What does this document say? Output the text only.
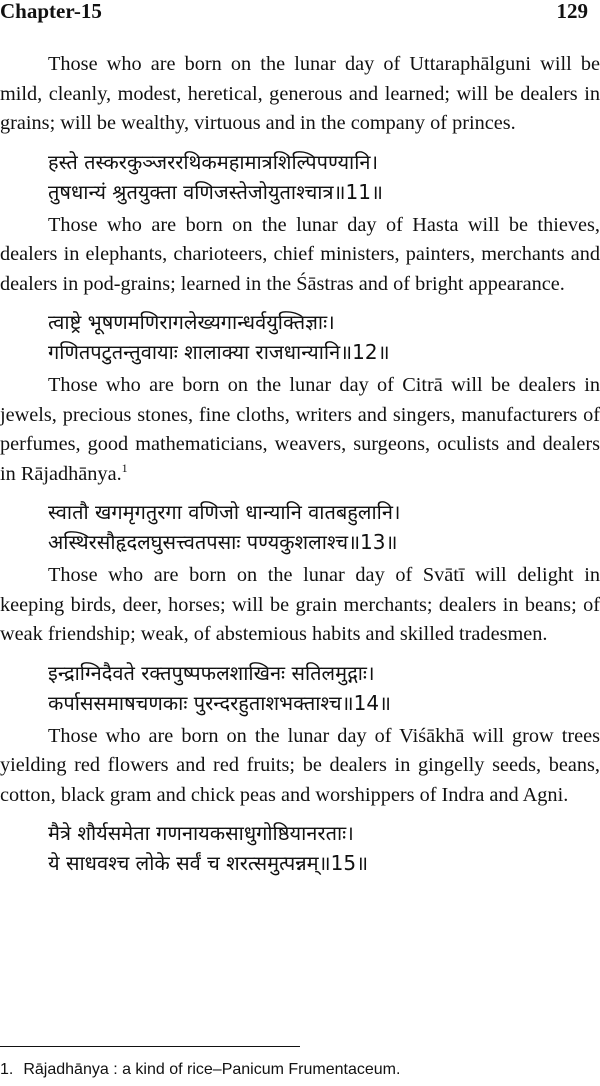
Chapter-15	129

Those who are born on the lunar day of Uttaraphālguni will be mild, cleanly, modest, heretical, generous and learned; will be dealers in grains; will be wealthy, virtuous and in the company of princes.

हस्ते तस्करकुञ्जररथिकमहामात्रशिल्पिपण्यानि।
तुषधान्यं श्रुतयुक्ता वणिजस्तेजोयुताश्चात्र॥11॥

Those who are born on the lunar day of Hasta will be thieves, dealers in elephants, charioteers, chief ministers, painters, merchants and dealers in pod-grains; learned in the Śāstras and of bright appearance.

त्वाष्ट्रे भूषणमणिरागलेख्यगान्धर्वयुक्तिज्ञाः।
गणितपटुतन्तुवायाः शालाक्या राजधान्यानि॥12॥

Those who are born on the lunar day of Citrā will be dealers in jewels, precious stones, fine cloths, writers and singers, manufacturers of perfumes, good mathematicians, weavers, surgeons, oculists and dealers in Rājadhānya.$^1$

स्वातौ खगमृगतुरगा वणिजो धान्यानि वातबहुलानि।
अस्थिरसौहृदलघुसत्त्वतपसाः पण्यकुशलाश्च॥13॥

Those who are born on the lunar day of Svātī will delight in keeping birds, deer, horses; will be grain merchants; dealers in beans; of weak friendship; weak, of abstemious habits and skilled tradesmen.

इन्द्राग्निदैवते रक्तपुष्पफलशाखिनः सतिलमुद्गाः।
कर्पाससमाषचणकाः पुरन्दरहुताशभक्ताश्च॥14॥

Those who are born on the lunar day of Viśākhā will grow trees yielding red flowers and red fruits; be dealers in gingelly seeds, beans, cotton, black gram and chick peas and worshippers of Indra and Agni.

मैत्रे शौर्यसमेता गणनायकसाधुगोष्ठियानरताः।
ये साधवश्च लोके सर्वं च शरत्समुत्पन्नम्॥15॥
1. Rājadhānya : a kind of rice–Panicum Frumentaceum.
